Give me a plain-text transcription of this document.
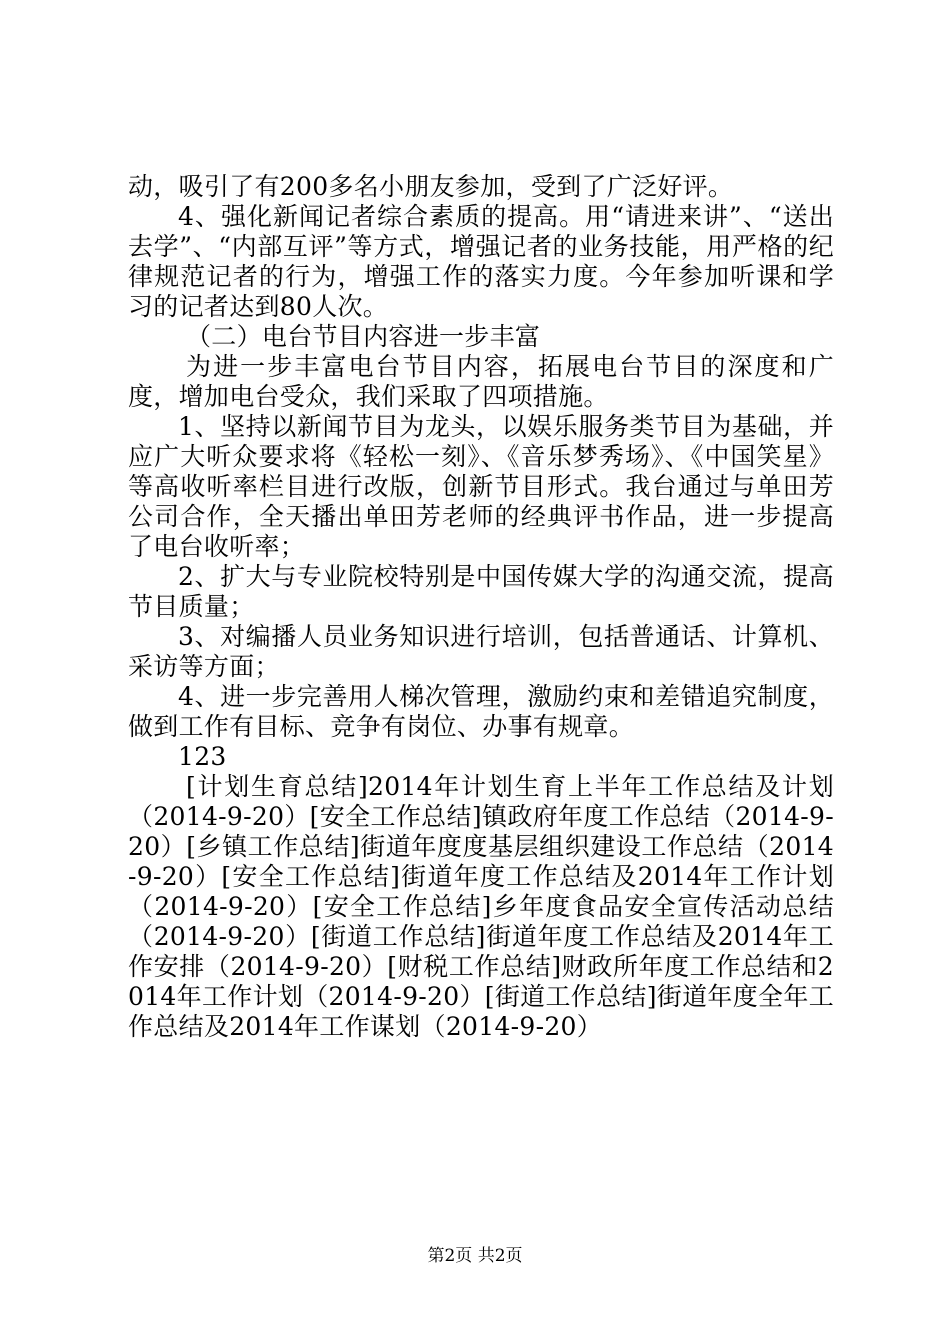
动，吸引了有200多名小朋友参加，受到了广泛好评。

4、强化新闻记者综合素质的提高。用“请进来讲”、“送出去学”、“内部互评”等方式，增强记者的业务技能，用严格的纪律规范记者的行为，增强工作的落实力度。今年参加听课和学习的记者达到80人次。

（二）电台节目内容进一步丰富

为进一步丰富电台节目内容，拓展电台节目的深度和广度，增加电台受众，我们采取了四项措施。

1、坚持以新闻节目为龙头，以娱乐服务类节目为基础，并应广大听众要求将《轻松一刻》、《音乐梦秀场》、《中国笑星》等高收听率栏目进行改版，创新节目形式。我台通过与单田芳公司合作，全天播出单田芳老师的经典评书作品，进一步提高了电台收听率；

2、扩大与专业院校特别是中国传媒大学的沟通交流，提高节目质量；

3、对编播人员业务知识进行培训，包括普通话、计算机、采访等方面；

4、进一步完善用人梯次管理，激励约束和差错追究制度，做到工作有目标、竞争有岗位、办事有规章。

123

[计划生育总结]2014年计划生育上半年工作总结及计划（2014-9-20）[安全工作总结]镇政府年度工作总结（2014-9-20）[乡镇工作总结]街道年度度基层组织建设工作总结（2014-9-20）[安全工作总结]街道年度工作总结及2014年工作计划（2014-9-20）[安全工作总结]乡年度食品安全宣传活动总结（2014-9-20）[街道工作总结]街道年度工作总结及2014年工作安排（2014-9-20）[财税工作总结]财政所年度工作总结和2014年工作计划（2014-9-20）[街道工作总结]街道年度全年工作总结及2014年工作谋划（2014-9-20）

第2页 共2页
